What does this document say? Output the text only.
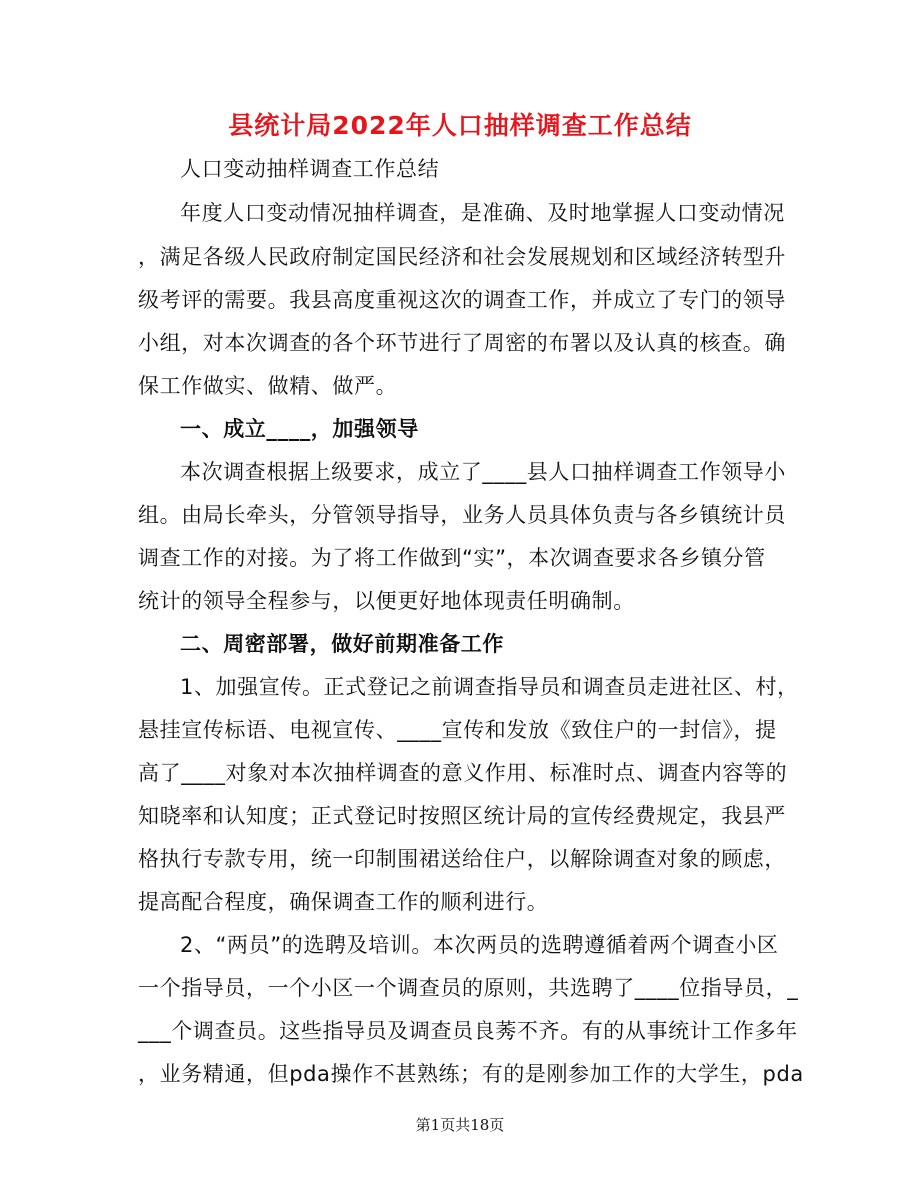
县统计局2022年人口抽样调查工作总结
人口变动抽样调查工作总结
年度人口变动情况抽样调查，是准确、及时地掌握人口变动情况
，满足各级人民政府制定国民经济和社会发展规划和区域经济转型升
级考评的需要。我县高度重视这次的调查工作，并成立了专门的领导
小组，对本次调查的各个环节进行了周密的布署以及认真的核查。确
保工作做实、做精、做严。
一、成立____，加强领导
本次调查根据上级要求，成立了____县人口抽样调查工作领导小
组。由局长牵头，分管领导指导，业务人员具体负责与各乡镇统计员
调查工作的对接。为了将工作做到“实”，本次调查要求各乡镇分管
统计的领导全程参与，以便更好地体现责任明确制。
二、周密部署，做好前期准备工作
1、加强宣传。正式登记之前调查指导员和调查员走进社区、村，
悬挂宣传标语、电视宣传、____宣传和发放《致住户的一封信》，提
高了____对象对本次抽样调查的意义作用、标准时点、调查内容等的
知晓率和认知度；正式登记时按照区统计局的宣传经费规定，我县严
格执行专款专用，统一印制围裙送给住户，以解除调查对象的顾虑，
提高配合程度，确保调查工作的顺利进行。
2、“两员”的选聘及培训。本次两员的选聘遵循着两个调查小区
一个指导员，一个小区一个调查员的原则，共选聘了____位指导员，_
___个调查员。这些指导员及调查员良莠不齐。有的从事统计工作多年
，业务精通，但pda操作不甚熟练；有的是刚参加工作的大学生，pda
第1页共18页
